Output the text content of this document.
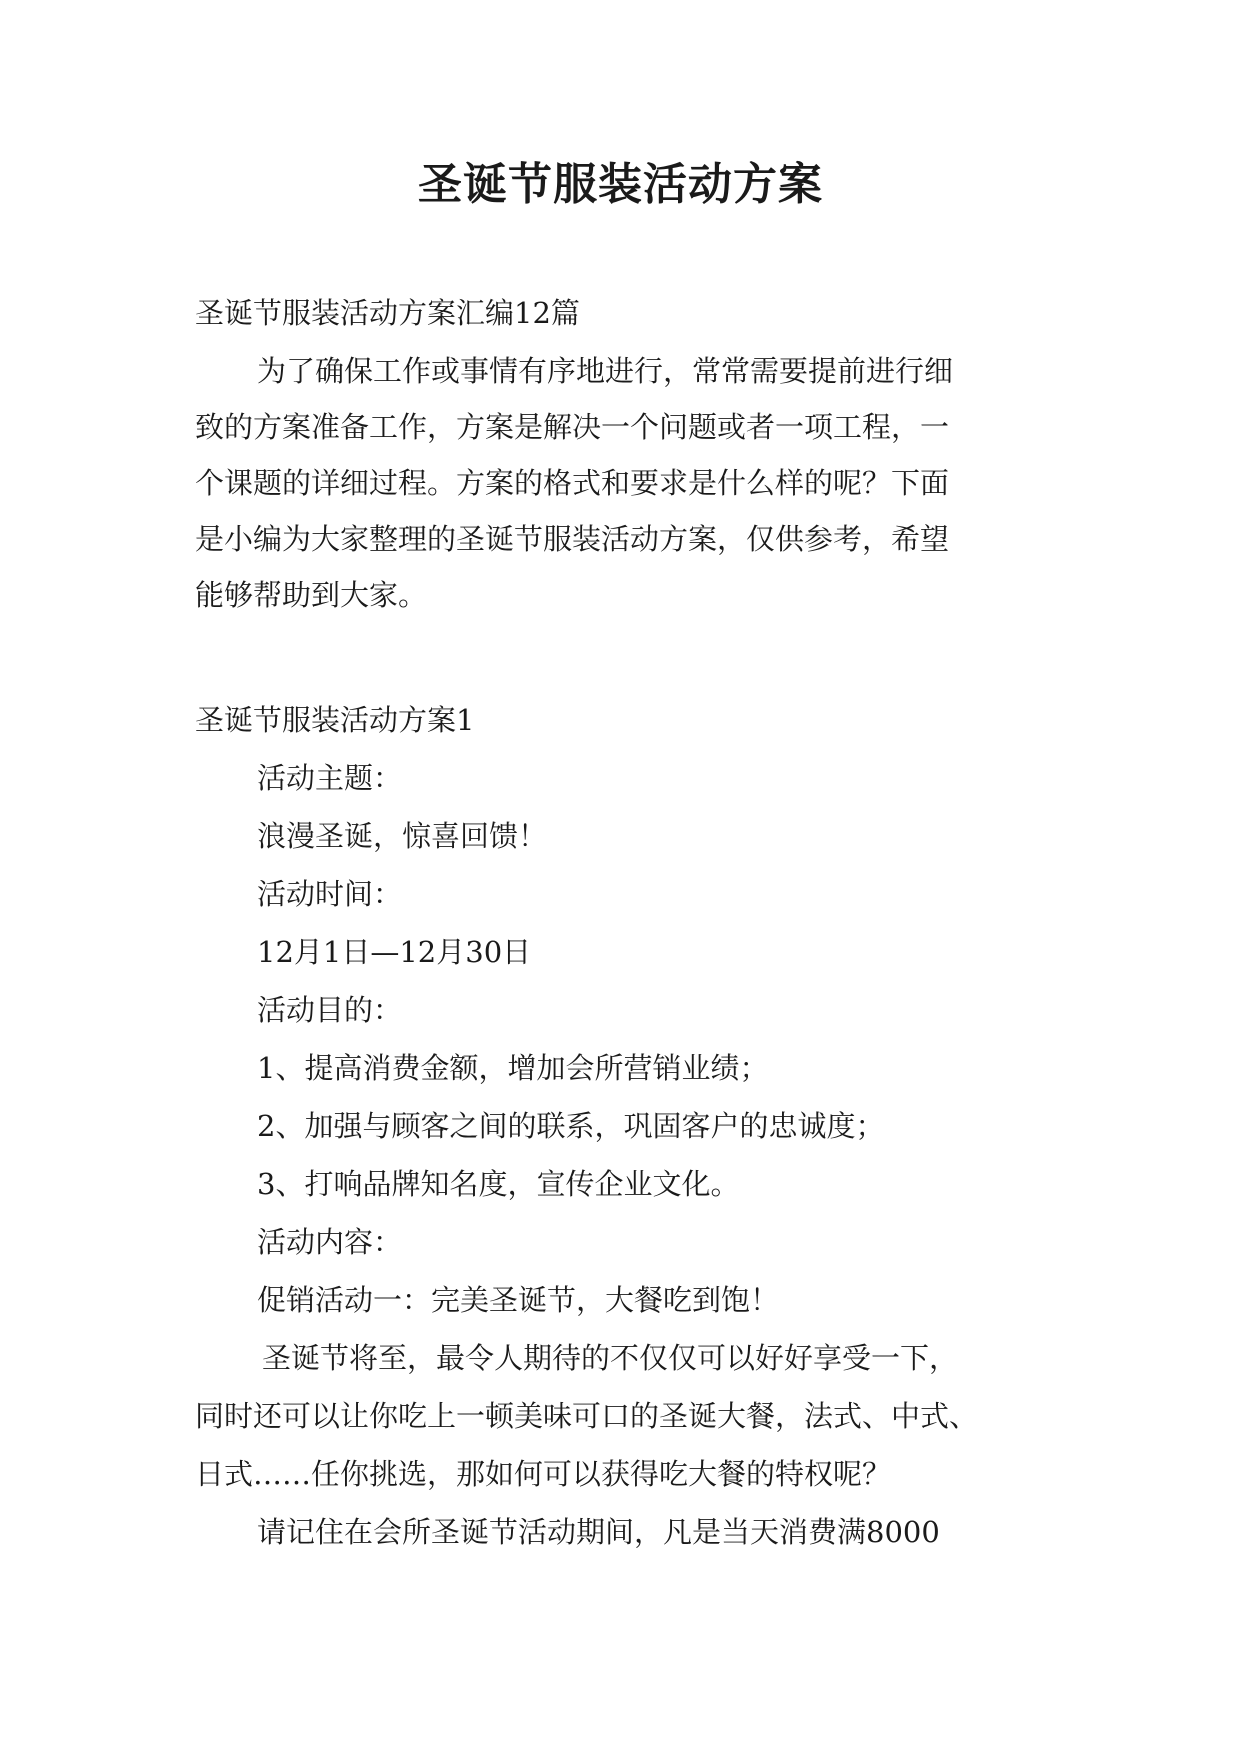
圣诞节服装活动方案

圣诞节服装活动方案汇编12篇

为了确保工作或事情有序地进行，常常需要提前进行细

致的方案准备工作，方案是解决一个问题或者一项工程，一

个课题的详细过程。方案的格式和要求是什么样的呢？下面

是小编为大家整理的圣诞节服装活动方案，仅供参考，希望

能够帮助到大家。

圣诞节服装活动方案1

活动主题：

浪漫圣诞，惊喜回馈！

活动时间：

12月1日—12月30日

活动目的：

1、提高消费金额，增加会所营销业绩；

2、加强与顾客之间的联系，巩固客户的忠诚度；

3、打响品牌知名度，宣传企业文化。

活动内容：

促销活动一：完美圣诞节，大餐吃到饱！

圣诞节将至，最令人期待的不仅仅可以好好享受一下，

同时还可以让你吃上一顿美味可口的圣诞大餐，法式、中式、

日式……任你挑选，那如何可以获得吃大餐的特权呢？

请记住在会所圣诞节活动期间，凡是当天消费满8000
